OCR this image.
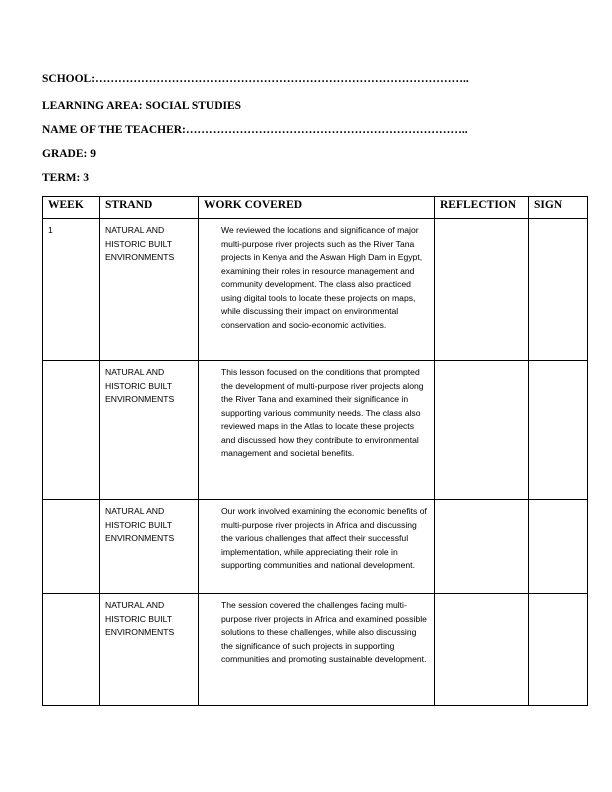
SCHOOL:……………………………………………………………………………………..
LEARNING AREA: SOCIAL STUDIES
NAME OF THE TEACHER:………………………………………………………………..
GRADE: 9
TERM: 3
WEEK	STRAND	WORK COVERED	REFLECTION	SIGN
1	NATURAL AND HISTORIC BUILT ENVIRONMENTS	We reviewed the locations and significance of major multi-purpose river projects such as the River Tana projects in Kenya and the Aswan High Dam in Egypt, examining their roles in resource management and community development. The class also practiced using digital tools to locate these projects on maps, while discussing their impact on environmental conservation and socio-economic activities.		
	NATURAL AND HISTORIC BUILT ENVIRONMENTS	This lesson focused on the conditions that prompted the development of multi-purpose river projects along the River Tana and examined their significance in supporting various community needs. The class also reviewed maps in the Atlas to locate these projects and discussed how they contribute to environmental management and societal benefits.		
	NATURAL AND HISTORIC BUILT ENVIRONMENTS	Our work involved examining the economic benefits of multi-purpose river projects in Africa and discussing the various challenges that affect their successful implementation, while appreciating their role in supporting communities and national development.		
	NATURAL AND HISTORIC BUILT ENVIRONMENTS	The session covered the challenges facing multi-purpose river projects in Africa and examined possible solutions to these challenges, while also discussing the significance of such projects in supporting communities and promoting sustainable development.		
